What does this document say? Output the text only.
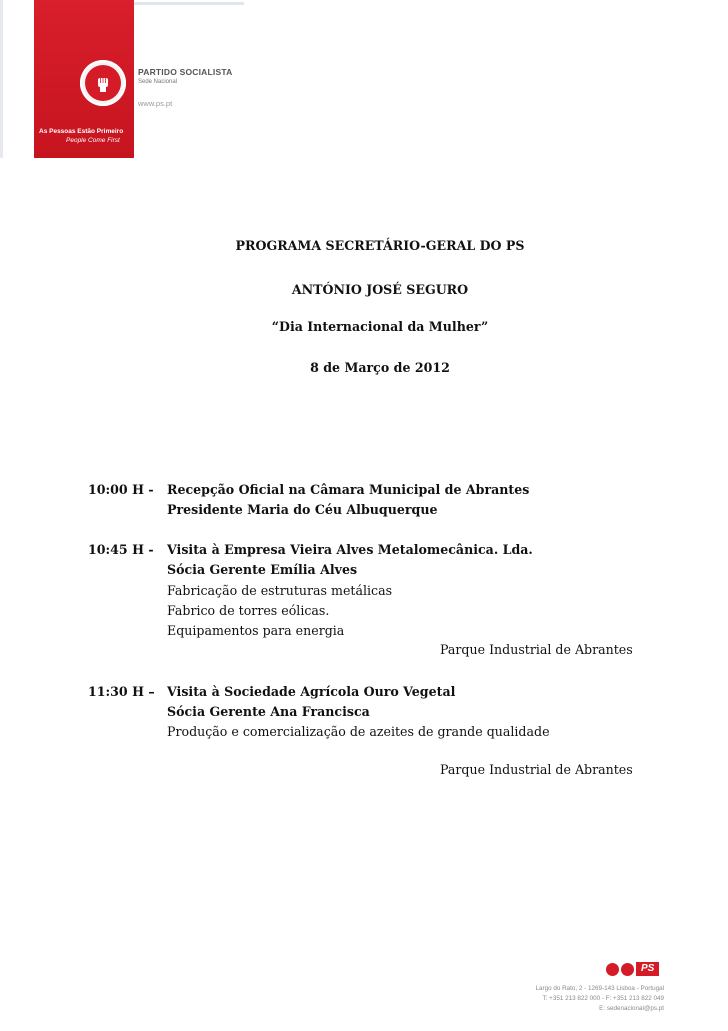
PARTIDO SOCIALISTA
Sede Nacional
www.ps.pt
As Pessoas Estão Primeiro
People Come First
PROGRAMA SECRETÁRIO-GERAL DO PS
ANTÓNIO JOSÉ SEGURO
“Dia Internacional da Mulher”
8 de Março de 2012
10:00 H - Recepção Oficial na Câmara Municipal de Abrantes
Presidente Maria do Céu Albuquerque
10:45 H - Visita à Empresa Vieira Alves Metalomecânica. Lda.
Sócia Gerente Emília Alves
Fabricação de estruturas metálicas
Fabrico de torres eólicas.
Equipamentos para energia
Parque Industrial de Abrantes
11:30 H – Visita à Sociedade Agrícola Ouro Vegetal
Sócia Gerente Ana Francisca
Produção e comercialização de azeites de grande qualidade
Parque Industrial de Abrantes
PS
Largo do Rato, 2 - 1269-143 Lisboa - Portugal
T: +351 213 822 000 - F: +351 213 822 049
E: sedenacional@ps.pt
